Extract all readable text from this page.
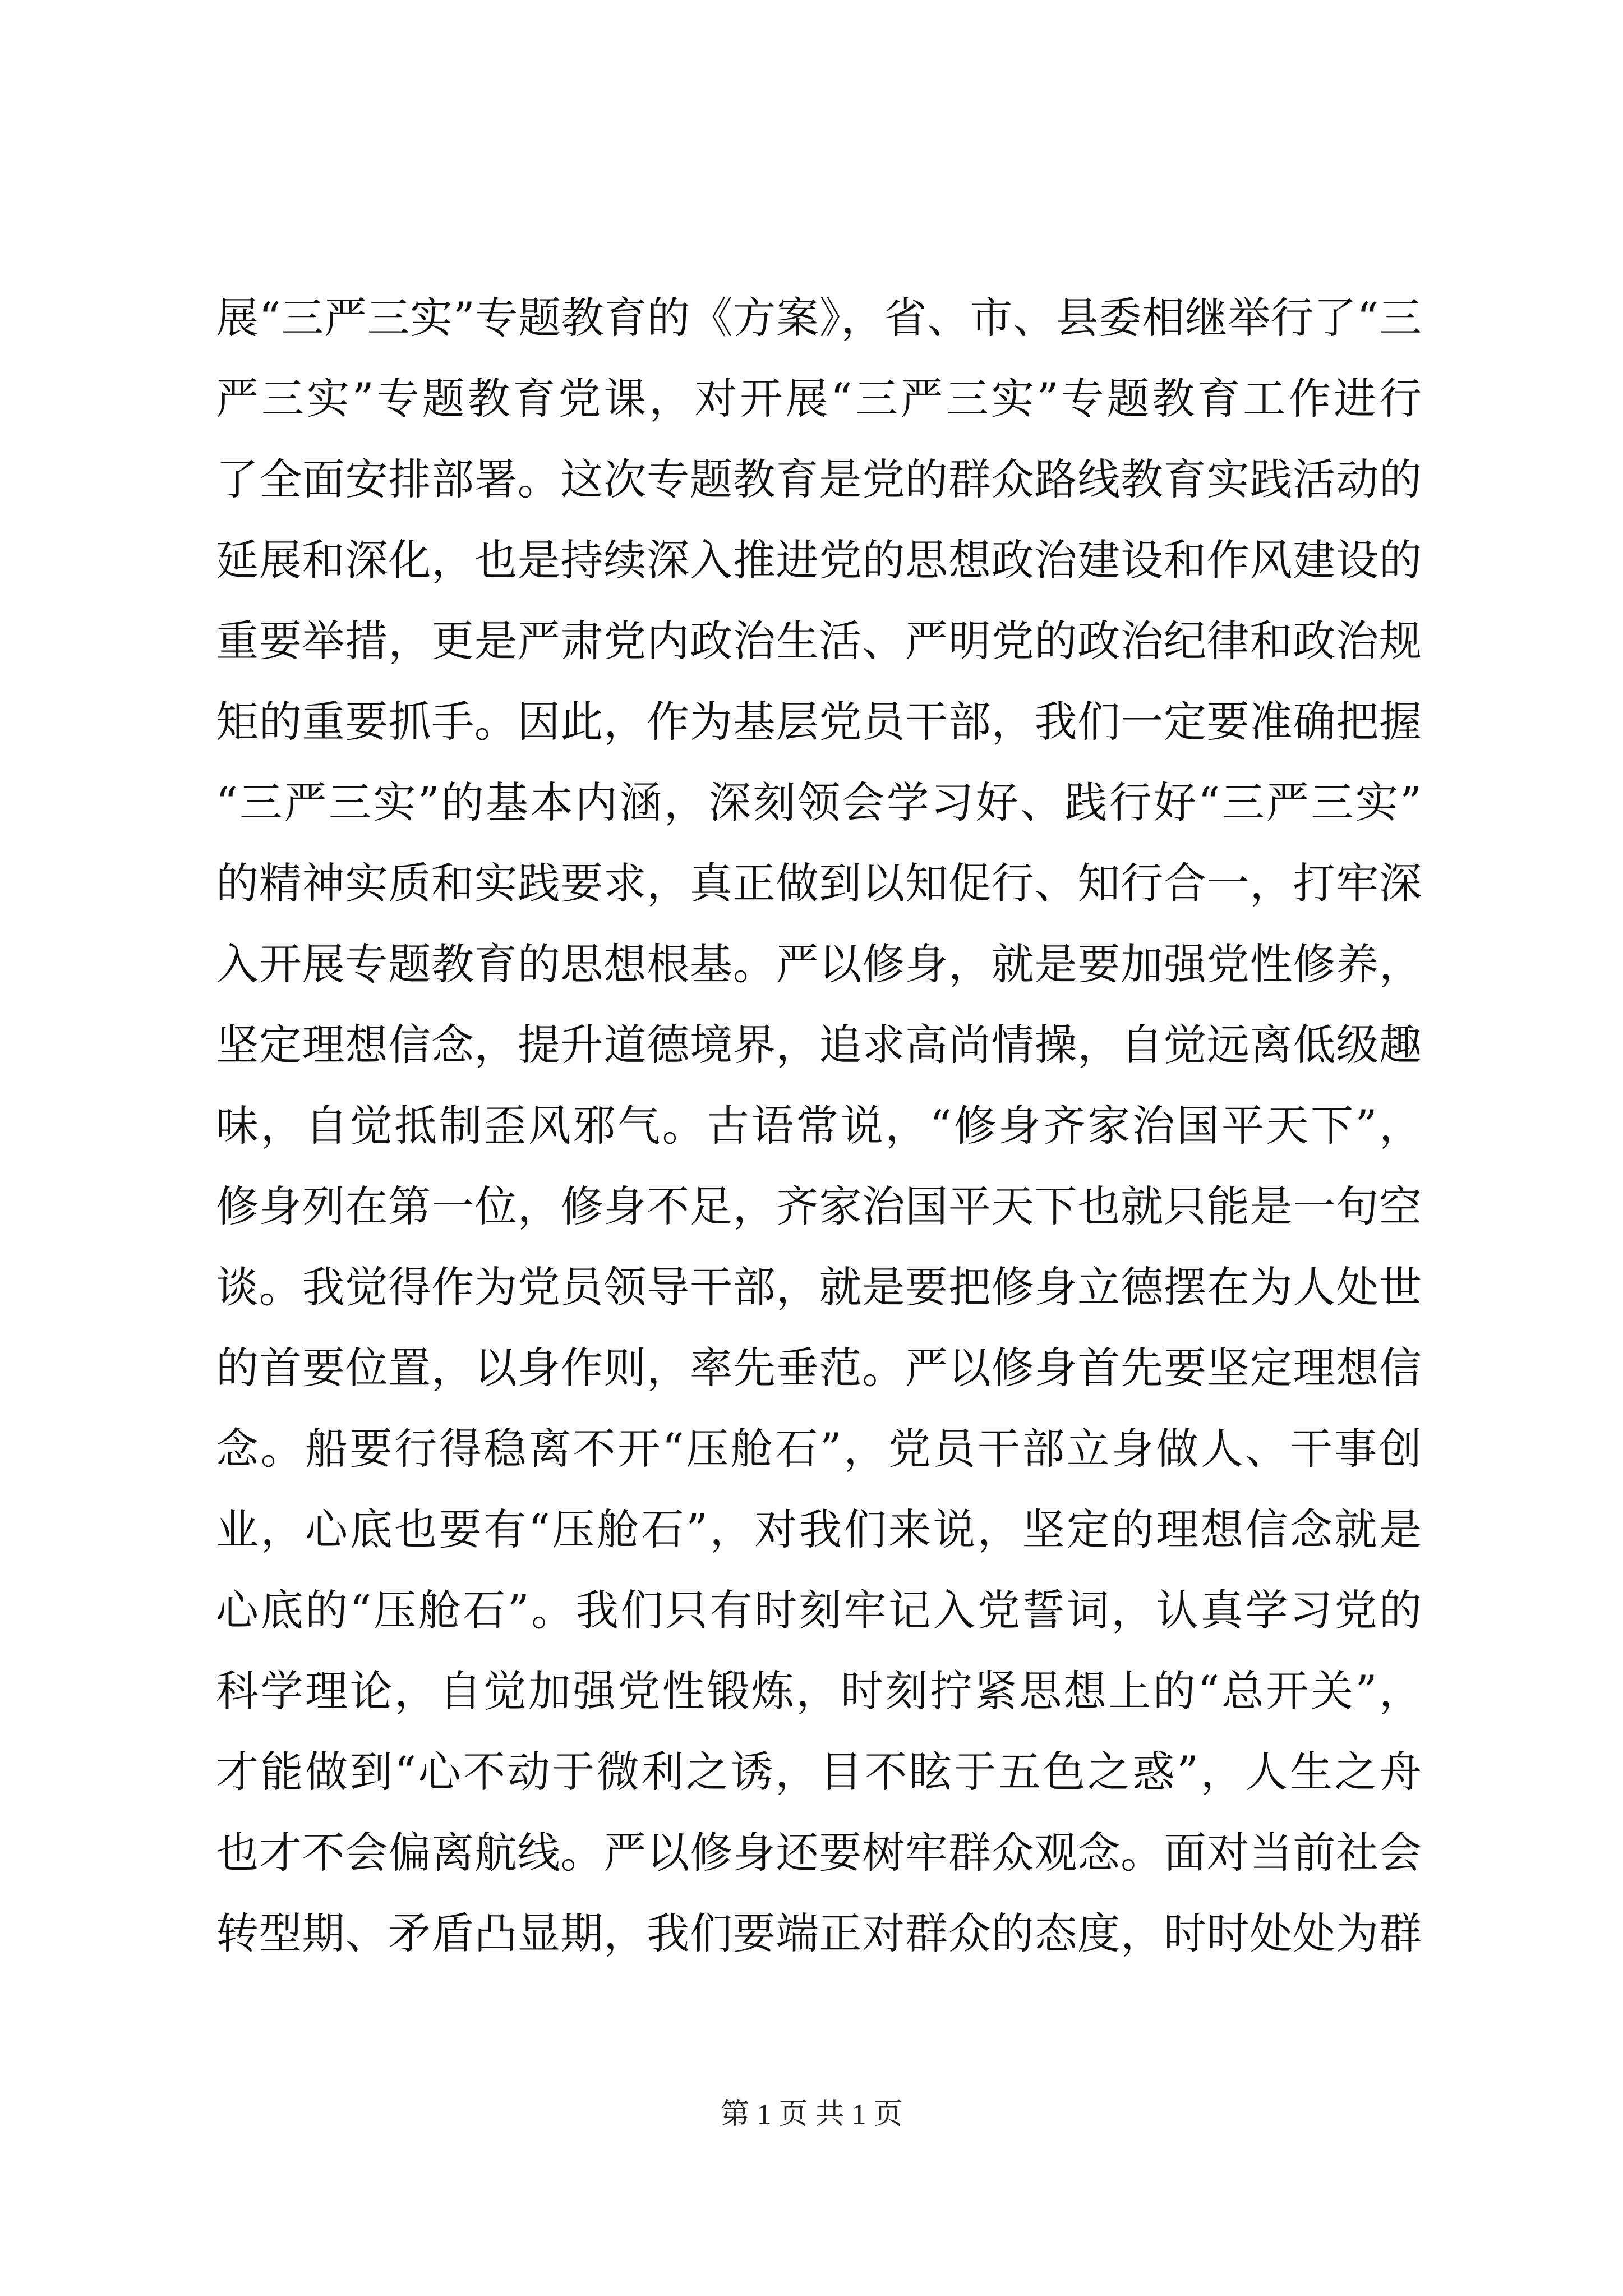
展“三严三实”专题教育的《方案》，省、市、县委相继举行了“三
严三实”专题教育党课，对开展“三严三实”专题教育工作进行
了全面安排部署。这次专题教育是党的群众路线教育实践活动的
延展和深化，也是持续深入推进党的思想政治建设和作风建设的
重要举措，更是严肃党内政治生活、严明党的政治纪律和政治规
矩的重要抓手。因此，作为基层党员干部，我们一定要准确把握
“三严三实”的基本内涵，深刻领会学习好、践行好“三严三实”
的精神实质和实践要求，真正做到以知促行、知行合一，打牢深
入开展专题教育的思想根基。严以修身，就是要加强党性修养，
坚定理想信念，提升道德境界，追求高尚情操，自觉远离低级趣
味，自觉抵制歪风邪气。古语常说，“修身齐家治国平天下”，
修身列在第一位，修身不足，齐家治国平天下也就只能是一句空
谈。我觉得作为党员领导干部，就是要把修身立德摆在为人处世
的首要位置，以身作则，率先垂范。严以修身首先要坚定理想信
念。船要行得稳离不开“压舱石”，党员干部立身做人、干事创
业，心底也要有“压舱石”，对我们来说，坚定的理想信念就是
心底的“压舱石”。我们只有时刻牢记入党誓词，认真学习党的
科学理论，自觉加强党性锻炼，时刻拧紧思想上的“总开关”，
才能做到“心不动于微利之诱，目不眩于五色之惑”，人生之舟
也才不会偏离航线。严以修身还要树牢群众观念。面对当前社会
转型期、矛盾凸显期，我们要端正对群众的态度，时时处处为群
第 1 页 共 1 页
